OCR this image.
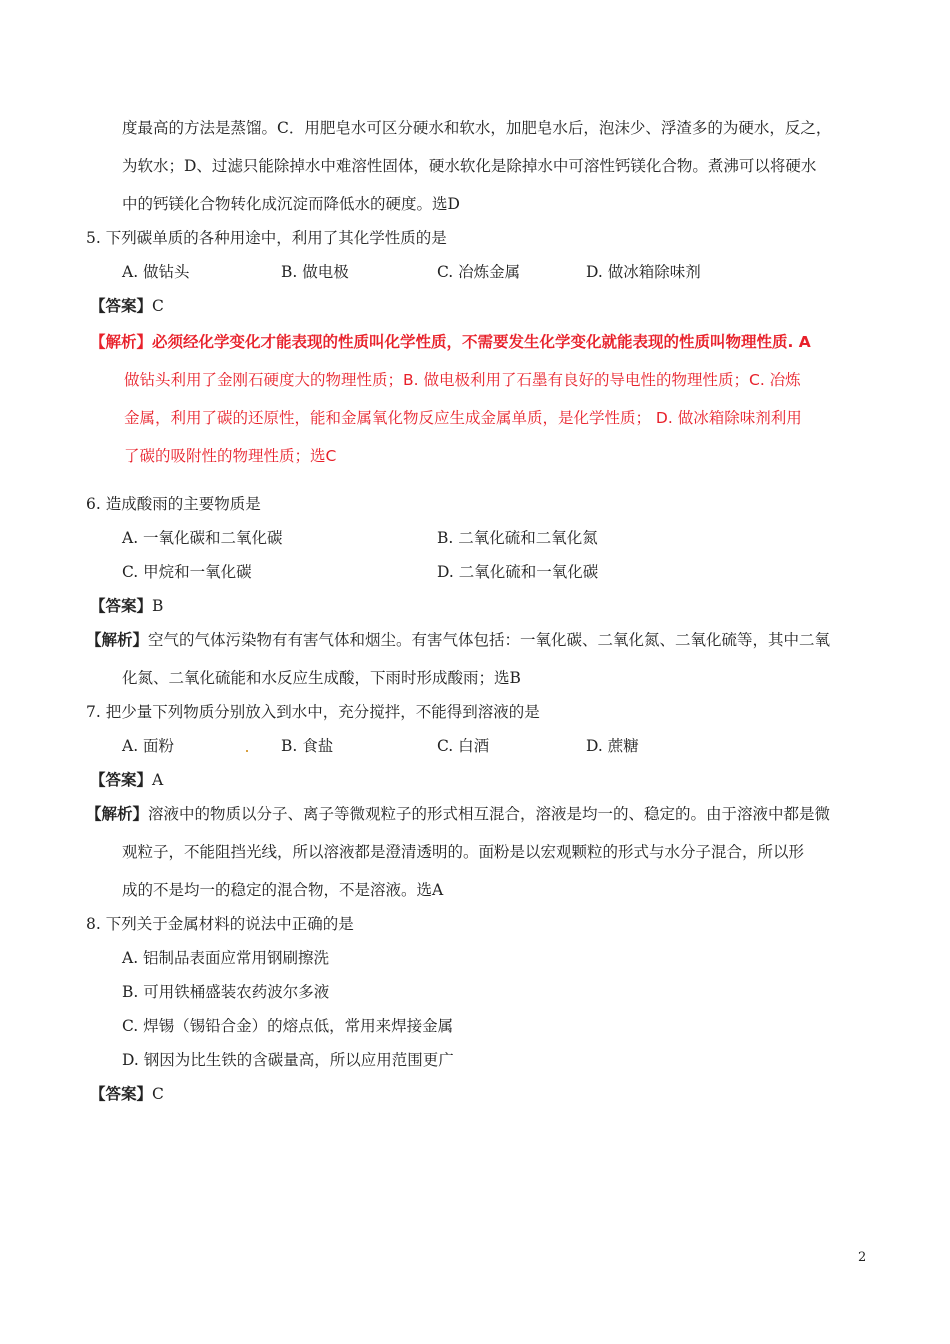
度最高的方法是蒸馏。C．用肥皂水可区分硬水和软水，加肥皂水后，泡沫少、浮渣多的为硬水，反之，
为软水；D、过滤只能除掉水中难溶性固体，硬水软化是除掉水中可溶性钙镁化合物。煮沸可以将硬水
中的钙镁化合物转化成沉淀而降低水的硬度。选D
5. 下列碳单质的各种用途中，利用了其化学性质的是
A. 做钻头	B. 做电极	C. 冶炼金属	D. 做冰箱除味剂
【答案】C
【解析】必须经化学变化才能表现的性质叫化学性质，不需要发生化学变化就能表现的性质叫物理性质. A
做钻头利用了金刚石硬度大的物理性质；B. 做电极利用了石墨有良好的导电性的物理性质；C. 冶炼
金属，利用了碳的还原性，能和金属氧化物反应生成金属单质，是化学性质； D. 做冰箱除味剂利用
了碳的吸附性的物理性质；选C
6. 造成酸雨的主要物质是
A. 一氧化碳和二氧化碳	B. 二氧化硫和二氧化氮
C. 甲烷和一氧化碳	D. 二氧化硫和一氧化碳
【答案】B
【解析】空气的气体污染物有有害气体和烟尘。有害气体包括：一氧化碳、二氧化氮、二氧化硫等，其中二氧
化氮、二氧化硫能和水反应生成酸，下雨时形成酸雨；选B
7. 把少量下列物质分别放入到水中，充分搅拌，不能得到溶液的是
A. 面粉	B. 食盐	C. 白酒	D. 蔗糖
【答案】A
【解析】溶液中的物质以分子、离子等微观粒子的形式相互混合，溶液是均一的、稳定的。由于溶液中都是微
观粒子，不能阻挡光线，所以溶液都是澄清透明的。面粉是以宏观颗粒的形式与水分子混合，所以形
成的不是均一的稳定的混合物，不是溶液。选A
8. 下列关于金属材料的说法中正确的是
A. 铝制品表面应常用钢刷擦洗
B. 可用铁桶盛装农药波尔多液
C. 焊锡（锡铅合金）的熔点低，常用来焊接金属
D. 钢因为比生铁的含碳量高，所以应用范围更广
【答案】C
2
